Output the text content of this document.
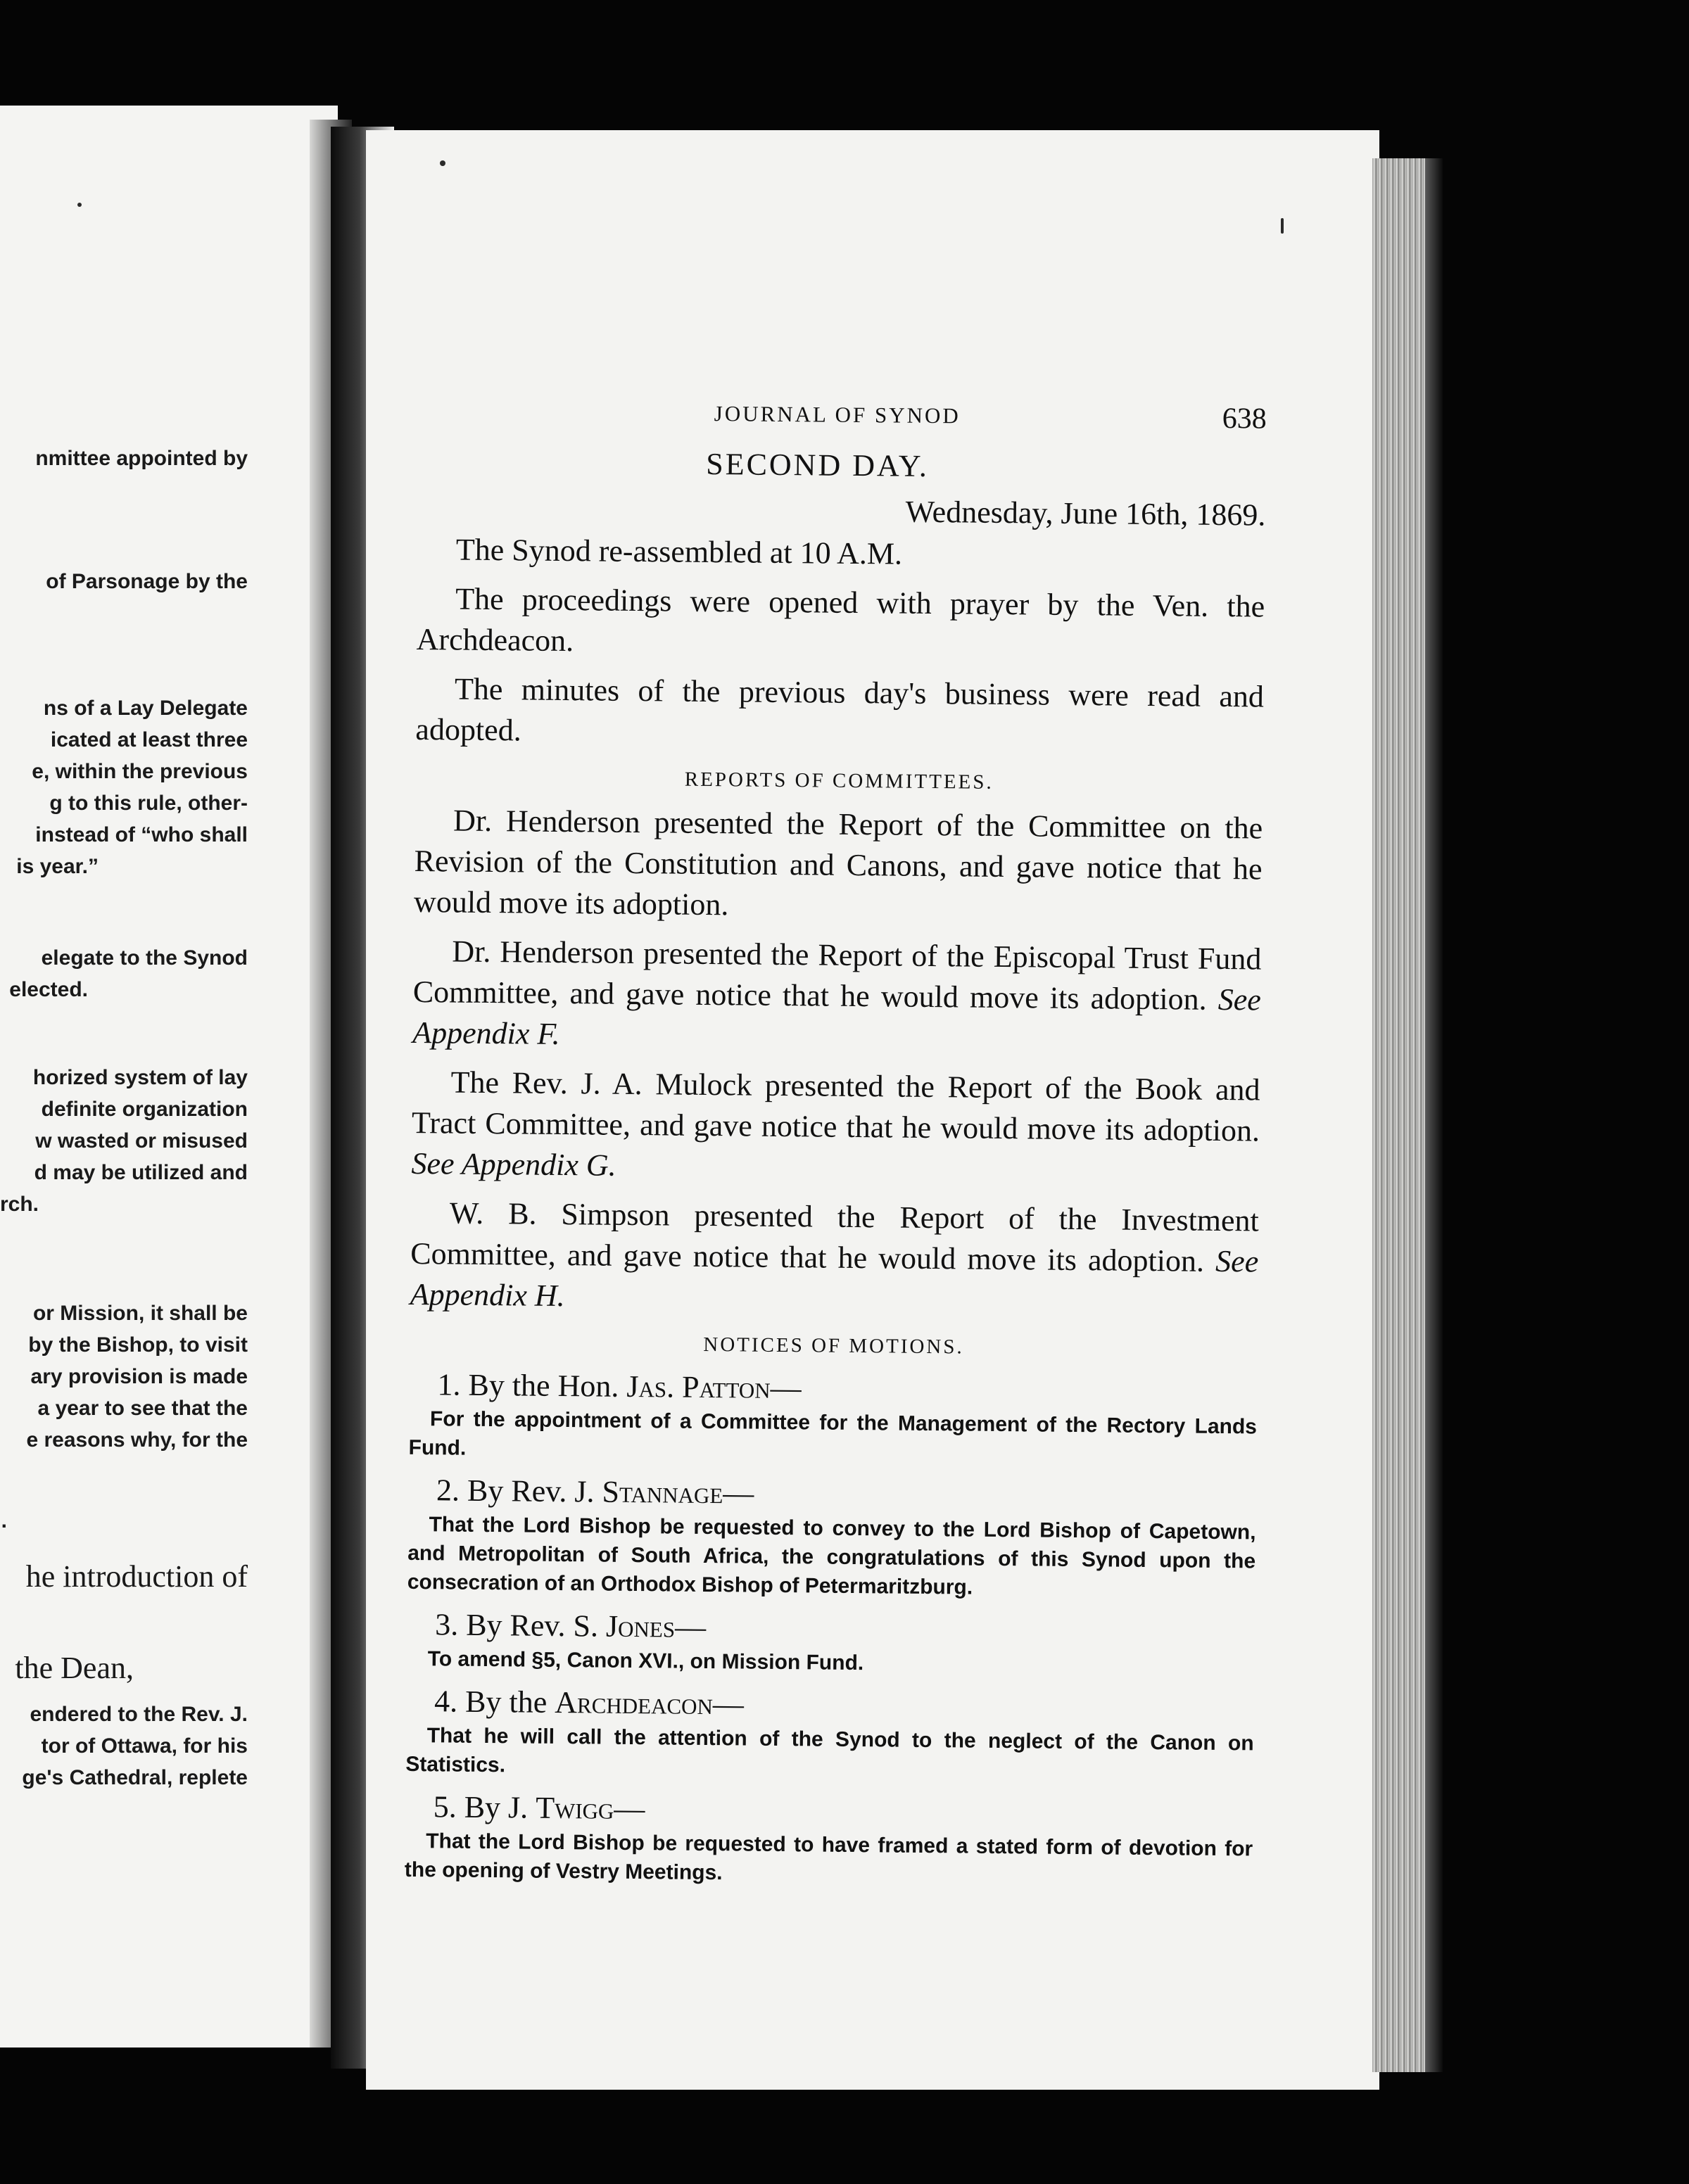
nmittee appointed by
of Parsonage by the
ns of a Lay Delegate
icated at least three
e, within the previous
g to this rule, other-
instead of “who shall
is year.”
elegate to the Synod
elected.
horized system of lay
definite organization
w wasted or misused
d may be utilized and
rch.
or Mission, it shall be
by the Bishop, to visit
ary provision is made
a year to see that the
e reasons why, for the
.
he introduction of
the Dean,
endered to the Rev. J.
tor of Ottawa, for his
ge's Cathedral, replete
JOURNAL OF SYNOD	638
SECOND DAY.
Wednesday, June 16th, 1869.

The Synod re-assembled at 10 A.M.

The proceedings were opened with prayer by the Ven. the Archdeacon.

The minutes of the previous day's business were read and adopted.

REPORTS OF COMMITTEES.

Dr. Henderson presented the Report of the Committee on the Revision of the Constitution and Canons, and gave notice that he would move its adoption.

Dr. Henderson presented the Report of the Episcopal Trust Fund Committee, and gave notice that he would move its adoption. See Appendix F.

The Rev. J. A. Mulock presented the Report of the Book and Tract Committee, and gave notice that he would move its adoption. See Appendix G.

W. B. Simpson presented the Report of the Investment Committee, and gave notice that he would move its adoption. See Appendix H.

NOTICES OF MOTIONS.
1. By the Hon. Jas. Patton—

For the appointment of a Committee for the Management of the Rectory Lands Fund.

2. By Rev. J. Stannage—

That the Lord Bishop be requested to convey to the Lord Bishop of Capetown, and Metropolitan of South Africa, the congratulations of this Synod upon the consecration of an Orthodox Bishop of Petermaritzburg.

3. By Rev. S. Jones—

To amend §5, Canon XVI., on Mission Fund.

4. By the Archdeacon—

That he will call the attention of the Synod to the neglect of the Canon on Statistics.

5. By J. Twigg—

That the Lord Bishop be requested to have framed a stated form of devotion for the opening of Vestry Meetings.
